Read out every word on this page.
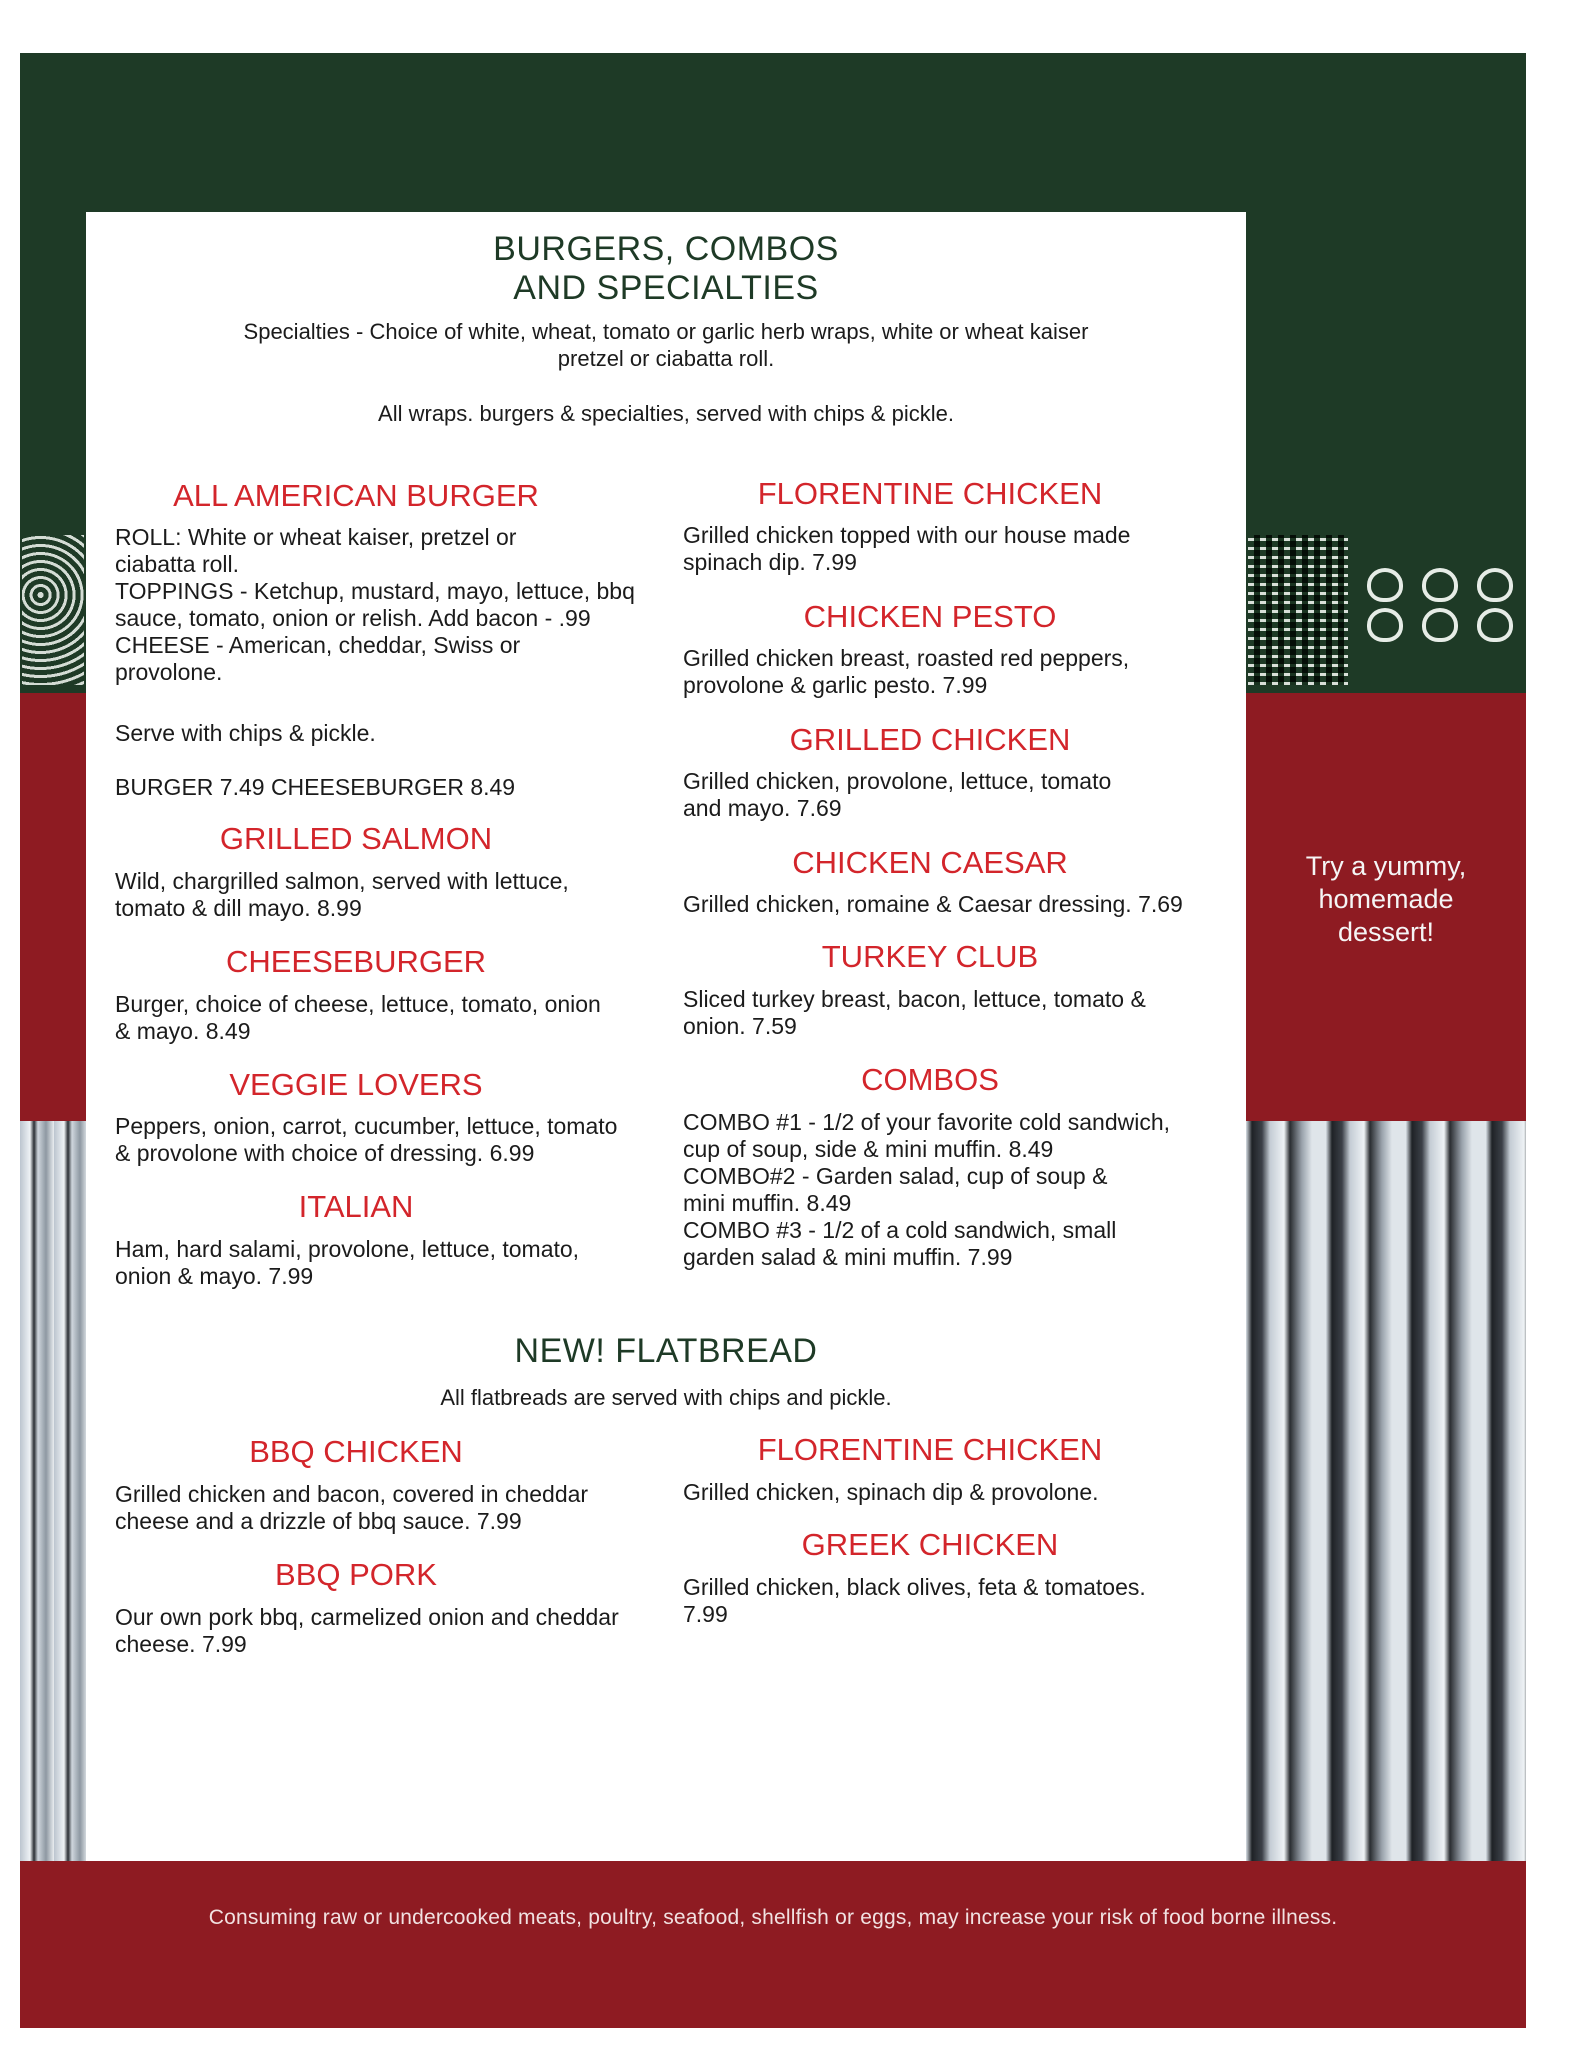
Try a yummy,
homemade
dessert!
Consuming raw or undercooked meats, poultry, seafood, shellfish or eggs, may increase your risk of food borne illness.
BURGERS, COMBOS
AND SPECIALTIES
Specialties - Choice of white, wheat, tomato or garlic herb wraps, white or wheat kaiser
pretzel or ciabatta roll.
All wraps. burgers & specialties, served with chips & pickle.
ALL AMERICAN BURGER
ROLL: White or wheat kaiser, pretzel or
ciabatta roll.
TOPPINGS - Ketchup, mustard, mayo, lettuce, bbq
sauce, tomato, onion or relish. Add bacon - .99
CHEESE - American, cheddar, Swiss or
provolone.
Serve with chips & pickle.
BURGER 7.49 CHEESEBURGER 8.49
GRILLED SALMON
Wild, chargrilled salmon, served with lettuce,
tomato & dill mayo. 8.99
CHEESEBURGER
Burger, choice of cheese, lettuce, tomato, onion
& mayo. 8.49
VEGGIE LOVERS
Peppers, onion, carrot, cucumber, lettuce, tomato
& provolone with choice of dressing. 6.99
ITALIAN
Ham, hard salami, provolone, lettuce, tomato,
onion & mayo. 7.99
FLORENTINE CHICKEN
Grilled chicken topped with our house made
spinach dip. 7.99
CHICKEN PESTO
Grilled chicken breast, roasted red peppers,
provolone & garlic pesto. 7.99
GRILLED CHICKEN
Grilled chicken, provolone, lettuce, tomato
and mayo. 7.69
CHICKEN CAESAR
Grilled chicken, romaine & Caesar dressing. 7.69
TURKEY CLUB
Sliced turkey breast, bacon, lettuce, tomato &
onion. 7.59
COMBOS
COMBO #1 - 1/2 of your favorite cold sandwich,
cup of soup, side & mini muffin. 8.49
COMBO#2 - Garden salad, cup of soup &
mini muffin. 8.49
COMBO #3 - 1/2 of a cold sandwich, small
garden salad & mini muffin. 7.99
NEW! FLATBREAD
All flatbreads are served with chips and pickle.
BBQ CHICKEN
Grilled chicken and bacon, covered in cheddar
cheese and a drizzle of bbq sauce. 7.99
BBQ PORK
Our own pork bbq, carmelized onion and cheddar
cheese. 7.99
FLORENTINE CHICKEN
Grilled chicken, spinach dip & provolone.
GREEK CHICKEN
Grilled chicken, black olives, feta & tomatoes.
7.99
